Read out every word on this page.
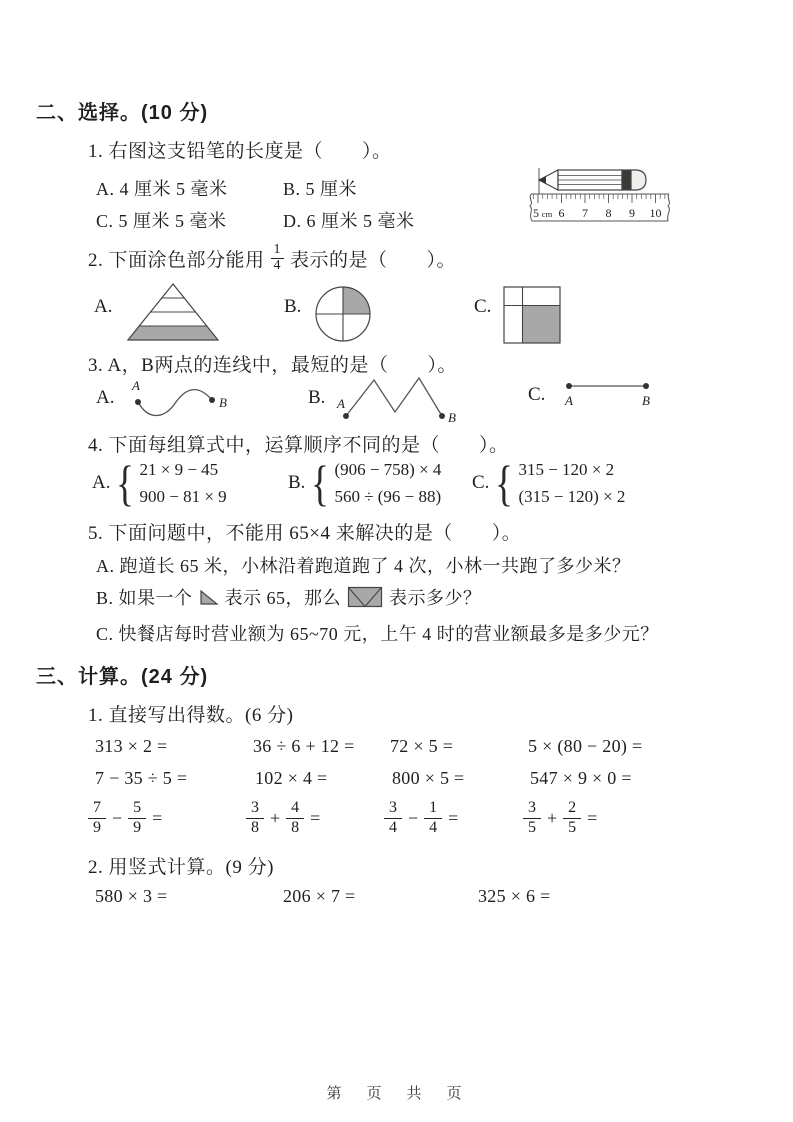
二、选择。(10 分)
1. 右图这支铅笔的长度是（　　）。
A. 4 厘米 5 毫米	B. 5 厘米
C. 5 厘米 5 毫米	D. 6 厘米 5 毫米	5 cm 6 7 8 9 10
2. 下面涂色部分能用 $\frac{1}{4}$ 表示的是（　　）。
A.	B.	C.
3. A，B两点的连线中，最短的是（　　）。
A.
A
B	B. A
B
C. A	B
4. 下面每组算式中，运算顺序不同的是（　　）。
A. { 21 × 9 − 45
900 − 81 × 9
B. { (906 − 758) × 4
560 ÷ (96 − 88)
C. { 315 − 120 × 2
(315 − 120) × 2
5. 下面问题中，不能用 65×4 来解决的是（　　）。
A. 跑道长 65 米，小林沿着跑道跑了 4 次，小林一共跑了多少米？
B. 如果一个 表示 65，那么	表示多少？
C. 快餐店每时营业额为 65~70 元，上午 4 时的营业额最多是多少元？
三、计算。(24 分)
1. 直接写出得数。(6 分)
313 × 2 =	36 ÷ 6 + 12 = 72 × 5 =	5 × (80 − 20) =
7 − 35 ÷ 5 =	102 × 4 =	800 × 5 =	547 × 9 × 0 =
$\frac{7}{9} - \frac{5}{9}$ =	$\frac{3}{8} + \frac{4}{8}$ =	$\frac{3}{4} - \frac{1}{4}$ =	$\frac{3}{5} + \frac{2}{5}$ =
2. 用竖式计算。(9 分)
580 × 3 =	206 × 7 =	325 × 6 =
第　页　共　页
